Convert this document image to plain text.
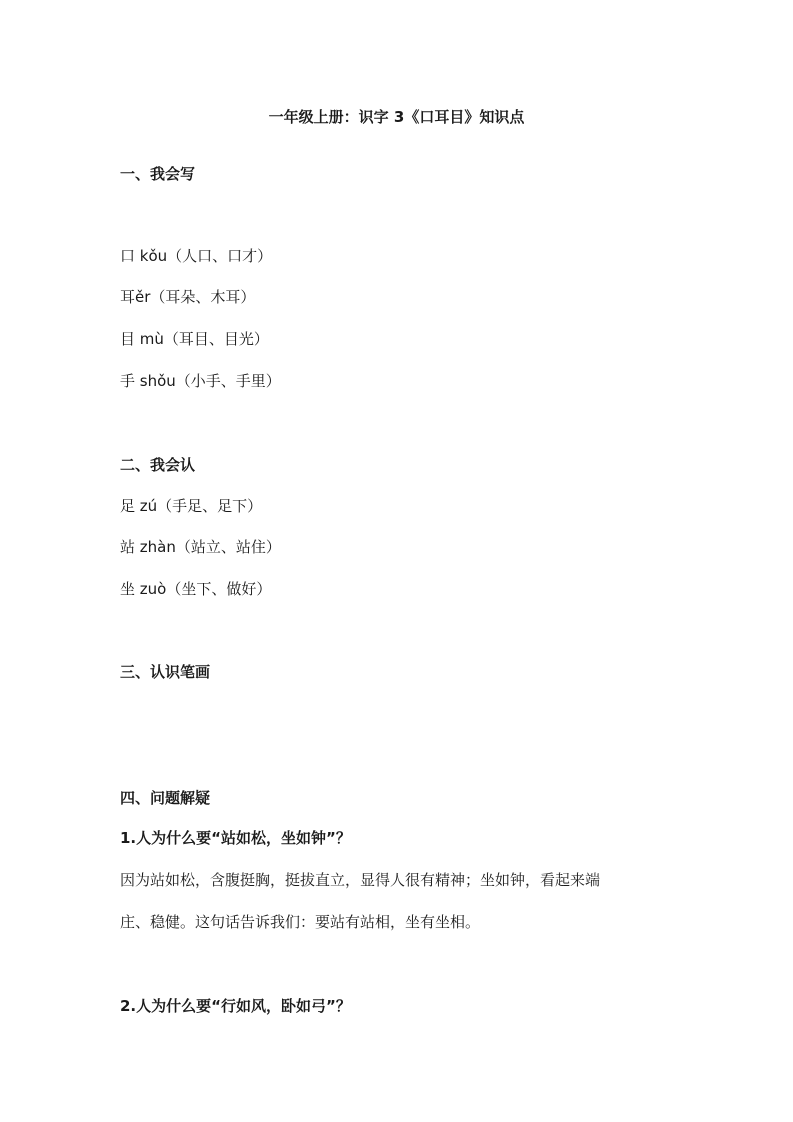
一年级上册：识字 3《口耳目》知识点
一、我会写
口 kǒu（人口、口才）
耳ěr（耳朵、木耳）
目 mù（耳目、目光）
手 shǒu（小手、手里）
二、我会认
足 zú（手足、足下）
站 zhàn（站立、站住）
坐 zuò（坐下、做好）
三、认识笔画
四、问题解疑
1.人为什么要“站如松，坐如钟”？
因为站如松，含腹挺胸，挺拔直立，显得人很有精神；坐如钟，看起来端
庄、稳健。这句话告诉我们：要站有站相，坐有坐相。
2.人为什么要“行如风，卧如弓”？
